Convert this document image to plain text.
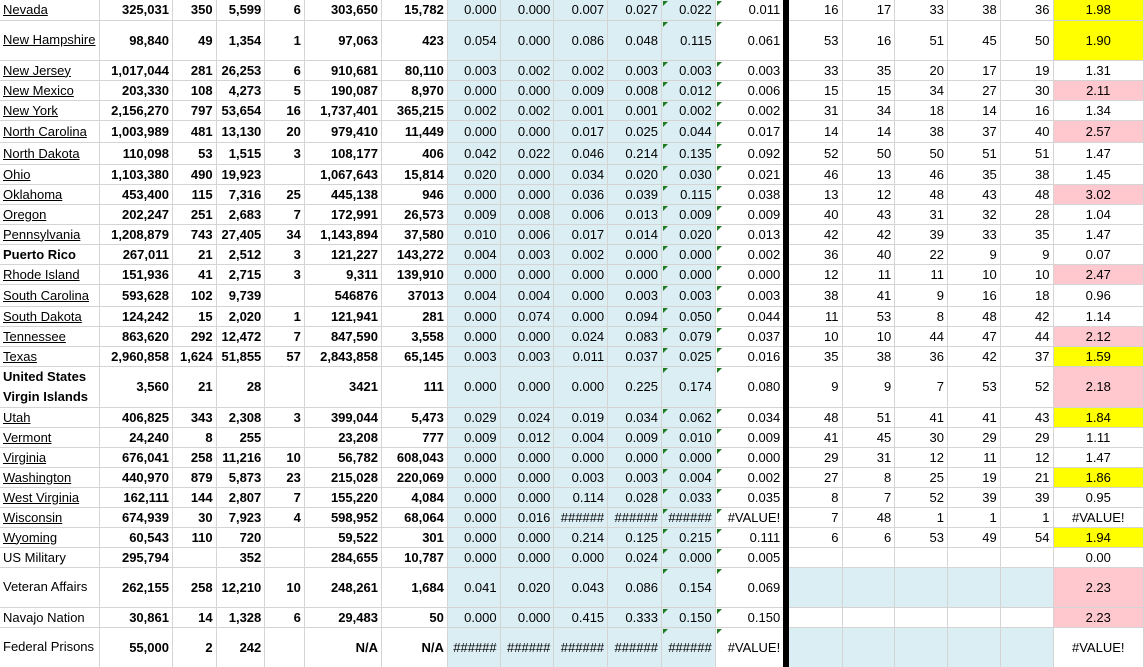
Nevada	325,031	350	5,599	6	303,650	15,782	0.000	0.000	0.007	0.027	0.022	0.011	16	17	33	38	36	1.98
New Hampshire	98,840	49	1,354	1	97,063	423	0.054	0.000	0.086	0.048	0.115	0.061	53	16	51	45	50	1.90
New Jersey	1,017,044	281	26,253	6	910,681	80,110	0.003	0.002	0.002	0.003	0.003	0.003	33	35	20	17	19	1.31
New Mexico	203,330	108	4,273	5	190,087	8,970	0.000	0.000	0.009	0.008	0.012	0.006	15	15	34	27	30	2.11
New York	2,156,270	797	53,654	16	1,737,401	365,215	0.002	0.002	0.001	0.001	0.002	0.002	31	34	18	14	16	1.34
North Carolina	1,003,989	481	13,130	20	979,410	11,449	0.000	0.000	0.017	0.025	0.044	0.017	14	14	38	37	40	2.57
North Dakota	110,098	53	1,515	3	108,177	406	0.042	0.022	0.046	0.214	0.135	0.092	52	50	50	51	51	1.47
Ohio	1,103,380	490	19,923		1,067,643	15,814	0.020	0.000	0.034	0.020	0.030	0.021	46	13	46	35	38	1.45
Oklahoma	453,400	115	7,316	25	445,138	946	0.000	0.000	0.036	0.039	0.115	0.038	13	12	48	43	48	3.02
Oregon	202,247	251	2,683	7	172,991	26,573	0.009	0.008	0.006	0.013	0.009	0.009	40	43	31	32	28	1.04
Pennsylvania	1,208,879	743	27,405	34	1,143,894	37,580	0.010	0.006	0.017	0.014	0.020	0.013	42	42	39	33	35	1.47
Puerto Rico	267,011	21	2,512	3	121,227	143,272	0.004	0.003	0.002	0.000	0.000	0.002	36	40	22	9	9	0.07
Rhode Island	151,936	41	2,715	3	9,311	139,910	0.000	0.000	0.000	0.000	0.000	0.000	12	11	11	10	10	2.47
South Carolina	593,628	102	9,739		546876	37013	0.004	0.004	0.000	0.003	0.003	0.003	38	41	9	16	18	0.96
South Dakota	124,242	15	2,020	1	121,941	281	0.000	0.074	0.000	0.094	0.050	0.044	11	53	8	48	42	1.14
Tennessee	863,620	292	12,472	7	847,590	3,558	0.000	0.000	0.024	0.083	0.079	0.037	10	10	44	47	44	2.12
Texas	2,960,858	1,624	51,855	57	2,843,858	65,145	0.003	0.003	0.011	0.037	0.025	0.016	35	38	36	42	37	1.59
United States Virgin Islands	3,560	21	28		3421	111	0.000	0.000	0.000	0.225	0.174	0.080	9	9	7	53	52	2.18
Utah	406,825	343	2,308	3	399,044	5,473	0.029	0.024	0.019	0.034	0.062	0.034	48	51	41	41	43	1.84
Vermont	24,240	8	255		23,208	777	0.009	0.012	0.004	0.009	0.010	0.009	41	45	30	29	29	1.11
Virginia	676,041	258	11,216	10	56,782	608,043	0.000	0.000	0.000	0.000	0.000	0.000	29	31	12	11	12	1.47
Washington	440,970	879	5,873	23	215,028	220,069	0.000	0.000	0.003	0.003	0.004	0.002	27	8	25	19	21	1.86
West Virginia	162,111	144	2,807	7	155,220	4,084	0.000	0.000	0.114	0.028	0.033	0.035	8	7	52	39	39	0.95
Wisconsin	674,939	30	7,923	4	598,952	68,064	0.000	0.016	######	######	######	#VALUE!	7	48	1	1	1	#VALUE!
Wyoming	60,543	110	720		59,522	301	0.000	0.000	0.214	0.125	0.215	0.111	6	6	53	49	54	1.94
US Military	295,794		352		284,655	10,787	0.000	0.000	0.000	0.024	0.000	0.005						0.00
Veteran Affairs	262,155	258	12,210	10	248,261	1,684	0.041	0.020	0.043	0.086	0.154	0.069						2.23
Navajo Nation	30,861	14	1,328	6	29,483	50	0.000	0.000	0.415	0.333	0.150	0.150						2.23
Federal Prisons	55,000	2	242		N/A	N/A	######	######	######	######	######	#VALUE!						#VALUE!
